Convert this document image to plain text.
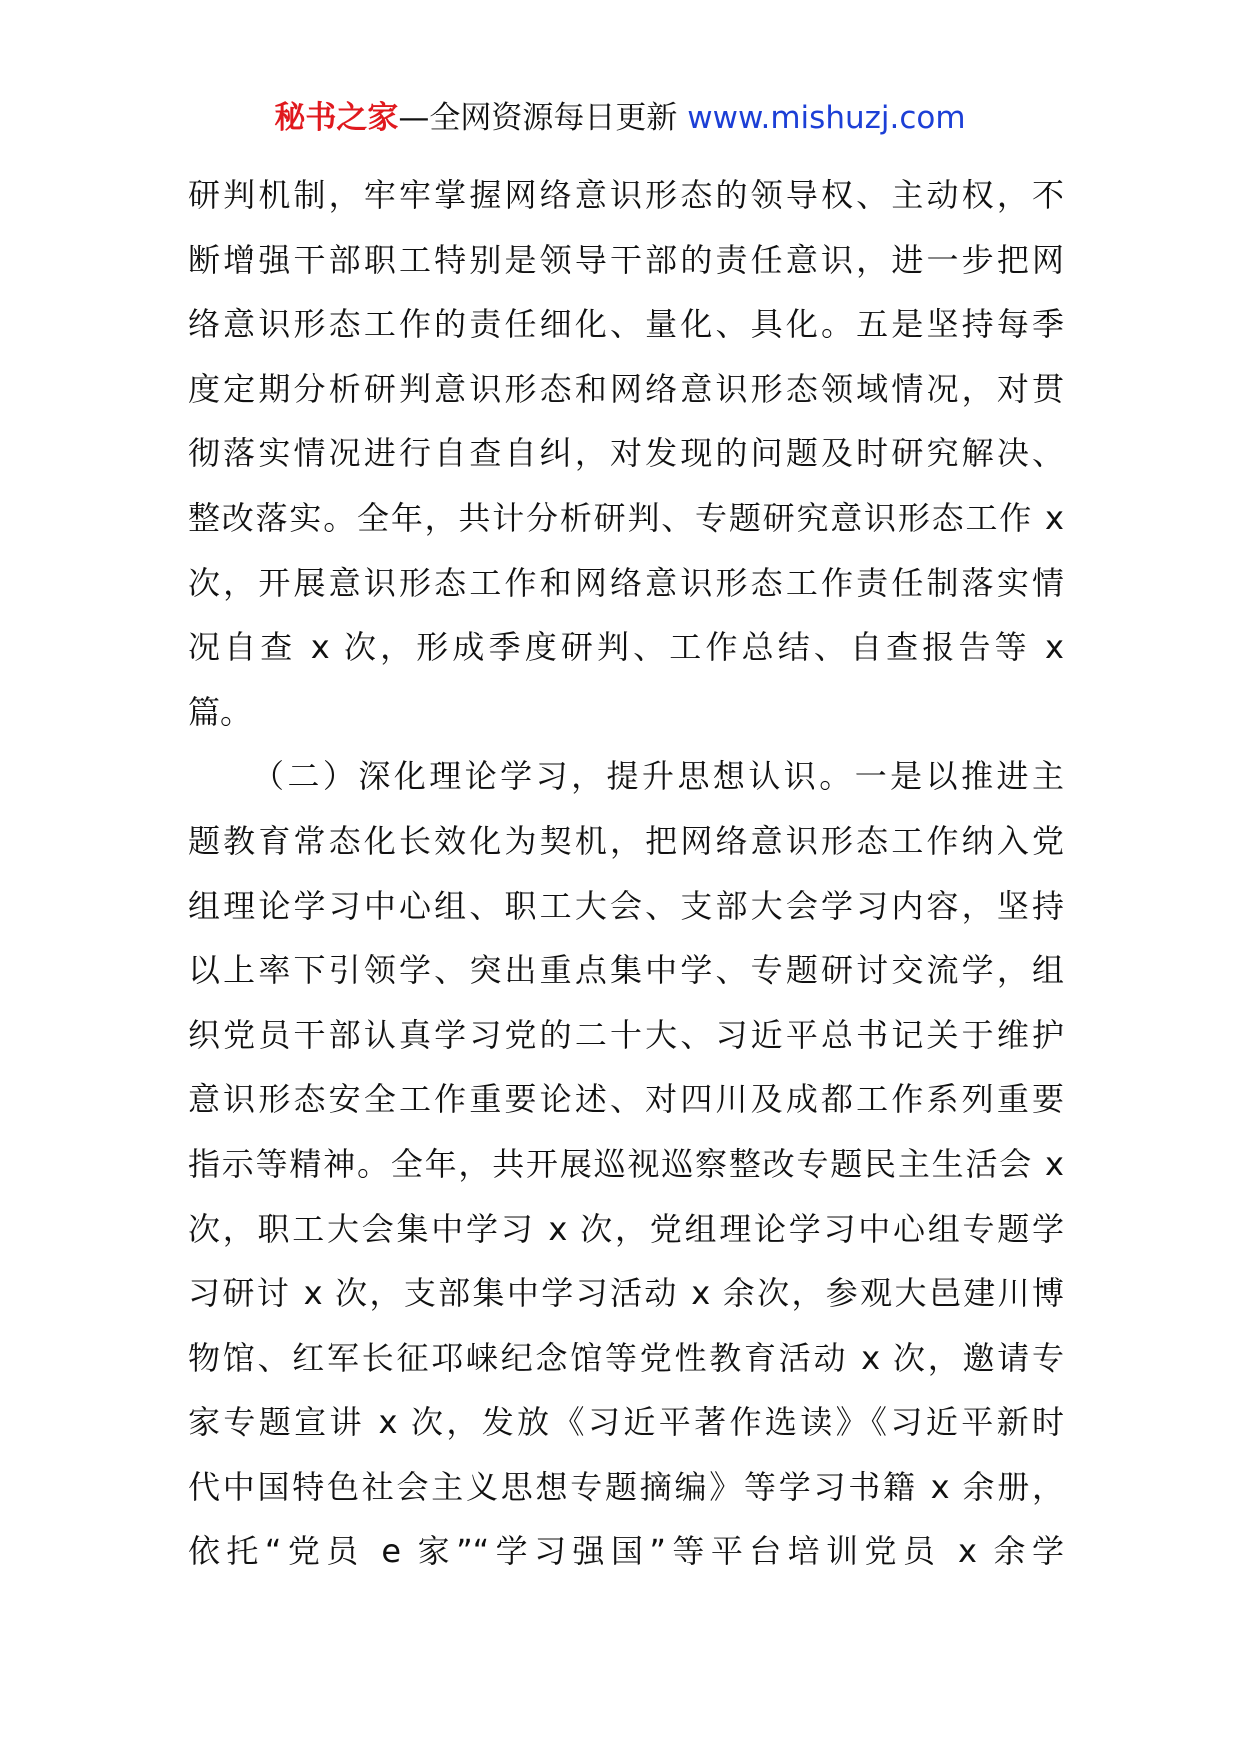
秘书之家—全网资源每日更新 www.mishuzj.com
研判机制，牢牢掌握网络意识形态的领导权、主动权，不
断增强干部职工特别是领导干部的责任意识，进一步把网
络意识形态工作的责任细化、量化、具化。五是坚持每季
度定期分析研判意识形态和网络意识形态领域情况，对贯
彻落实情况进行自查自纠，对发现的问题及时研究解决、
整改落实。全年，共计分析研判、专题研究意识形态工作 x
次，开展意识形态工作和网络意识形态工作责任制落实情
况自查 x 次，形成季度研判、工作总结、自查报告等 x
篇。
（二）深化理论学习，提升思想认识。一是以推进主
题教育常态化长效化为契机，把网络意识形态工作纳入党
组理论学习中心组、职工大会、支部大会学习内容，坚持
以上率下引领学、突出重点集中学、专题研讨交流学，组
织党员干部认真学习党的二十大、习近平总书记关于维护
意识形态安全工作重要论述、对四川及成都工作系列重要
指示等精神。全年，共开展巡视巡察整改专题民主生活会 x
次，职工大会集中学习 x 次，党组理论学习中心组专题学
习研讨 x 次，支部集中学习活动 x 余次，参观大邑建川博
物馆、红军长征邛崃纪念馆等党性教育活动 x 次，邀请专
家专题宣讲 x 次，发放《习近平著作选读》《习近平新时
代中国特色社会主义思想专题摘编》等学习书籍 x 余册，
依托“党员 e 家”“学习强国”等平台培训党员 x 余学
